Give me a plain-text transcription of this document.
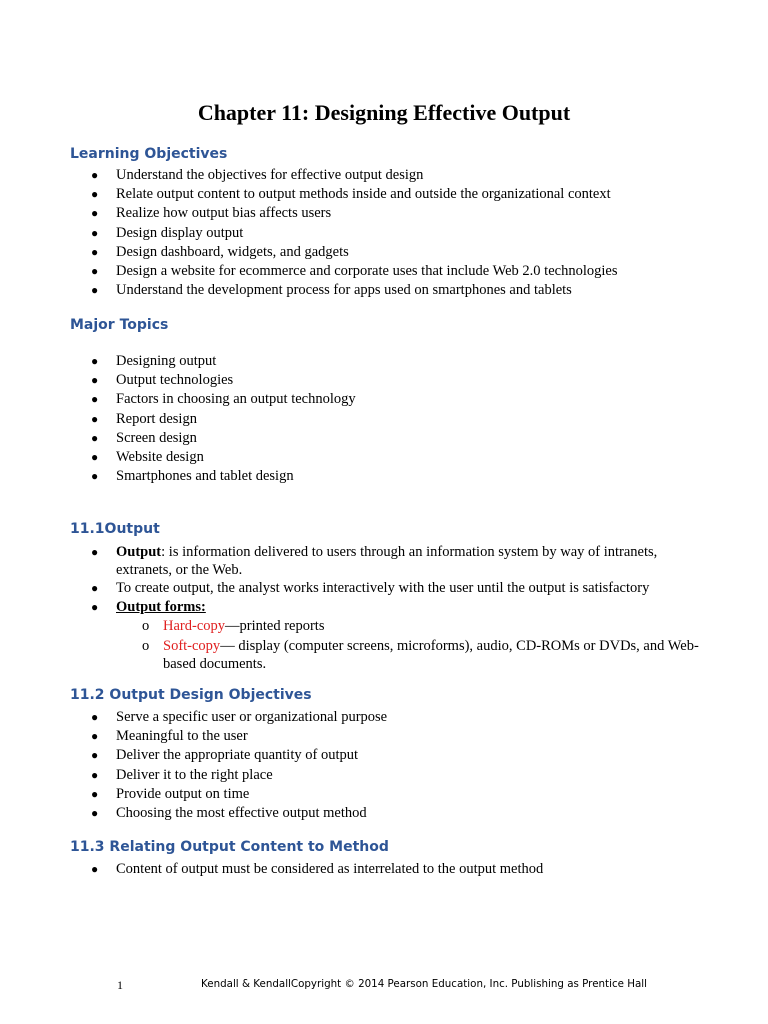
Chapter 11: Designing Effective Output
Learning Objectives
● Understand the objectives for effective output design
● Relate output content to output methods inside and outside the organizational context
● Realize how output bias affects users
● Design display output
● Design dashboard, widgets, and gadgets
● Design a website for ecommerce and corporate uses that include Web 2.0 technologies
● Understand the development process for apps used on smartphones and tablets
Major Topics
● Designing output
● Output technologies
● Factors in choosing an output technology
● Report design
● Screen design
● Website design
● Smartphones and tablet design
11.1Output
● Output: is information delivered to users through an information system by way of intranets, extranets, or the Web.
● To create output, the analyst works interactively with the user until the output is satisfactory
● Output forms:
o Hard-copy—printed reports
o Soft-copy— display (computer screens, microforms), audio, CD-ROMs or DVDs, and Web-based documents.
11.2 Output Design Objectives
● Serve a specific user or organizational purpose
● Meaningful to the user
● Deliver the appropriate quantity of output
● Deliver it to the right place
● Provide output on time
● Choosing the most effective output method
11.3 Relating Output Content to Method
● Content of output must be considered as interrelated to the output method
1	Kendall & KendallCopyright © 2014 Pearson Education, Inc. Publishing as Prentice Hall
